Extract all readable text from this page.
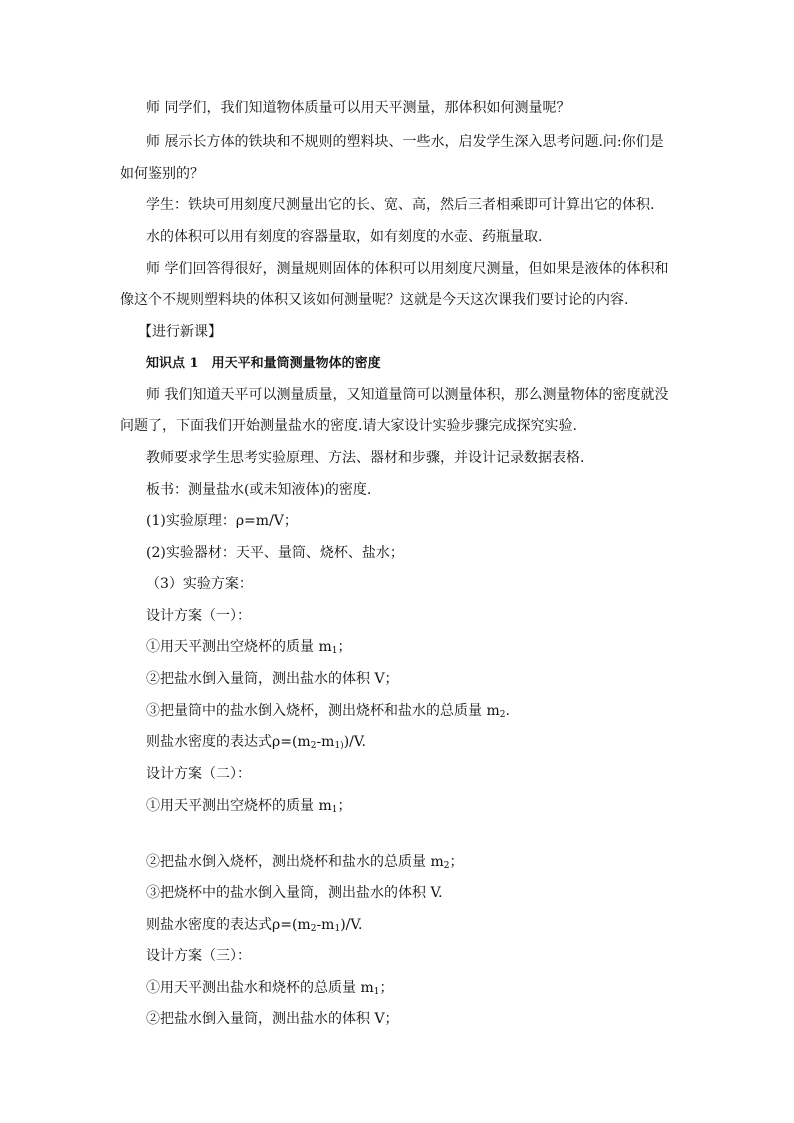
师 同学们，我们知道物体质量可以用天平测量，那体积如何测量呢？
师 展示长方体的铁块和不规则的塑料块、一些水，启发学生深入思考问题.问:你们是
如何鉴别的？
学生：铁块可用刻度尺测量出它的长、宽、高，然后三者相乘即可计算出它的体积.
水的体积可以用有刻度的容器量取，如有刻度的水壶、药瓶量取.
师 学们回答得很好，测量规则固体的体积可以用刻度尺测量，但如果是液体的体积和
像这个不规则塑料块的体积又该如何测量呢？这就是今天这次课我们要讨论的内容.
【进行新课】
知识点 1　用天平和量筒测量物体的密度
师 我们知道天平可以测量质量，又知道量筒可以测量体积，那么测量物体的密度就没
问题了，下面我们开始测量盐水的密度.请大家设计实验步骤完成探究实验.
教师要求学生思考实验原理、方法、器材和步骤，并设计记录数据表格.
板书：测量盐水(或未知液体)的密度.
(1)实验原理：ρ=m/V；
(2)实验器材：天平、量筒、烧杯、盐水；
（3）实验方案：
设计方案（一）：
①用天平测出空烧杯的质量 $m_1$；
②把盐水倒入量筒，测出盐水的体积 V；
③把量筒中的盐水倒入烧杯，测出烧杯和盐水的总质量 $m_2$.
则盐水密度的表达式$\rho=(m_2-m_{1)})/V$.
设计方案（二）：
①用天平测出空烧杯的质量 $m_1$；
②把盐水倒入烧杯，测出烧杯和盐水的总质量 $m_2$；
③把烧杯中的盐水倒入量筒，测出盐水的体积 V.
则盐水密度的表达式$\rho=(m_2-m_1)/V$.
设计方案（三）：
①用天平测出盐水和烧杯的总质量 $m_1$；
②把盐水倒入量筒，测出盐水的体积 V；
